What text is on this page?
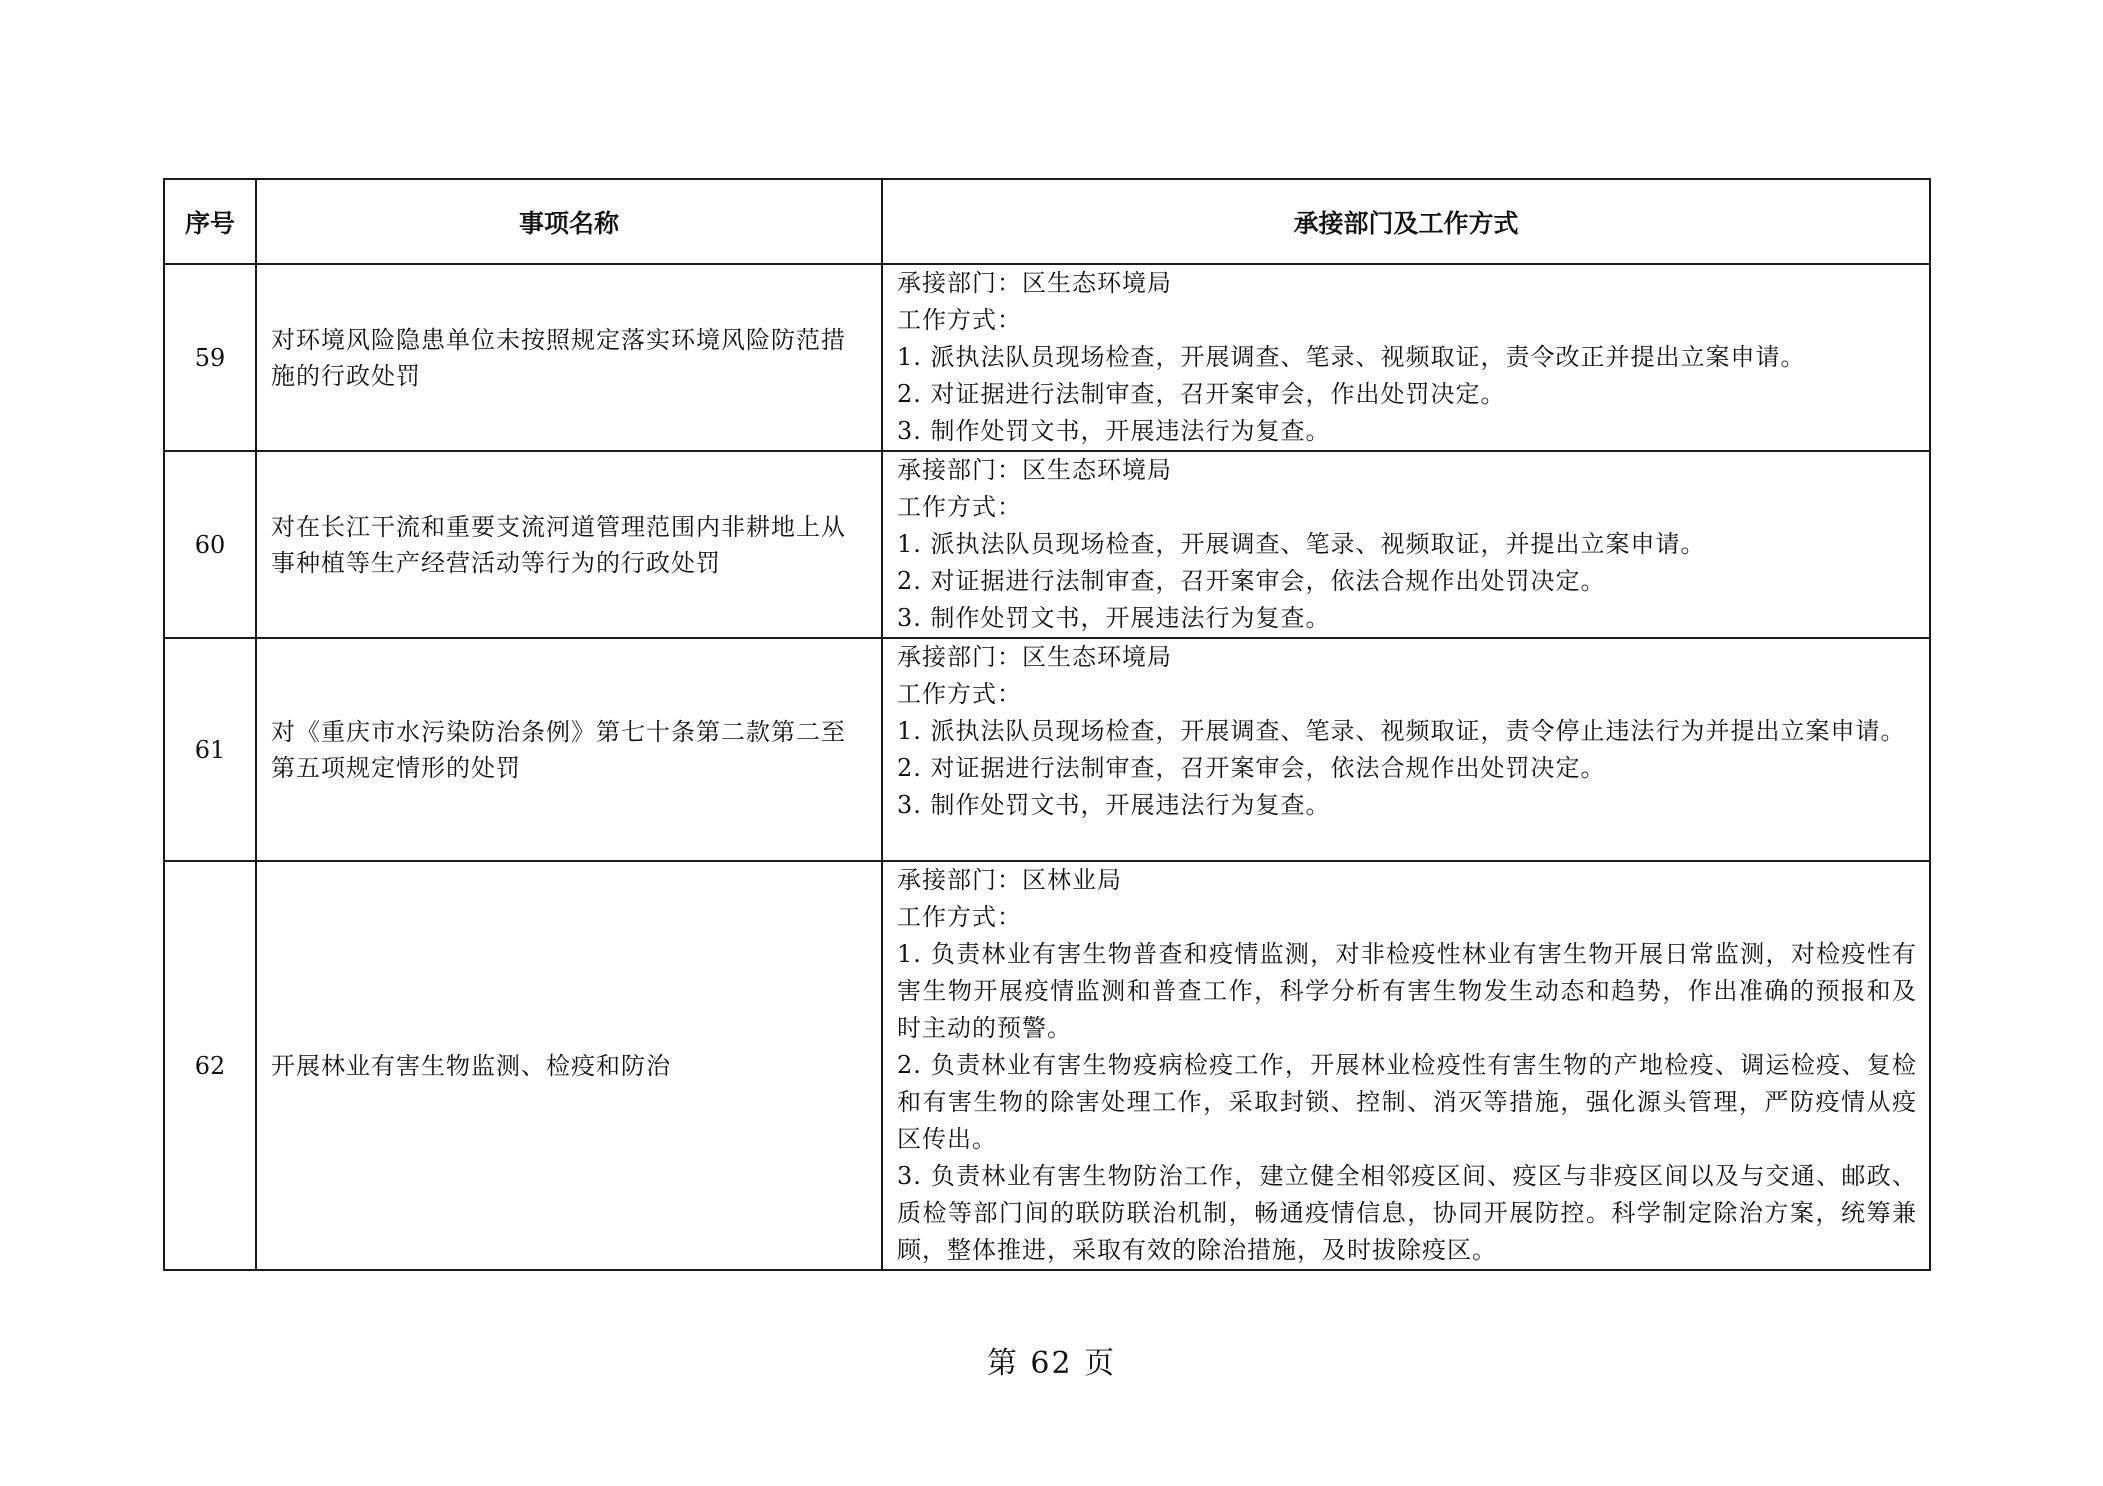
序号	事项名称	承接部门及工作方式
59	对环境风险隐患单位未按照规定落实环境风险防范措施的行政处罚	承接部门：区生态环境局
工作方式：
1. 派执法队员现场检查，开展调查、笔录、视频取证，责令改正并提出立案申请。
2. 对证据进行法制审查，召开案审会，作出处罚决定。
3. 制作处罚文书，开展违法行为复查。

60	对在长江干流和重要支流河道管理范围内非耕地上从事种植等生产经营活动等行为的行政处罚	承接部门：区生态环境局
工作方式：
1. 派执法队员现场检查，开展调查、笔录、视频取证，并提出立案申请。
2. 对证据进行法制审查，召开案审会，依法合规作出处罚决定。
3. 制作处罚文书，开展违法行为复查。

61	对《重庆市水污染防治条例》第七十条第二款第二至第五项规定情形的处罚	承接部门：区生态环境局
工作方式：
1. 派执法队员现场检查，开展调查、笔录、视频取证，责令停止违法行为并提出立案申请。
2. 对证据进行法制审查，召开案审会，依法合规作出处罚决定。
3. 制作处罚文书，开展违法行为复查。

62	开展林业有害生物监测、检疫和防治	承接部门：区林业局
工作方式：
1. 负责林业有害生物普查和疫情监测，对非检疫性林业有害生物开展日常监测，对检疫性有害生物开展疫情监测和普查工作，科学分析有害生物发生动态和趋势，作出准确的预报和及时主动的预警。
2. 负责林业有害生物疫病检疫工作，开展林业检疫性有害生物的产地检疫、调运检疫、复检和有害生物的除害处理工作，采取封锁、控制、消灭等措施，强化源头管理，严防疫情从疫区传出。
3. 负责林业有害生物防治工作，建立健全相邻疫区间、疫区与非疫区间以及与交通、邮政、质检等部门间的联防联治机制，畅通疫情信息，协同开展防控。科学制定除治方案，统筹兼顾，整体推进，采取有效的除治措施，及时拔除疫区。
第 62 页
